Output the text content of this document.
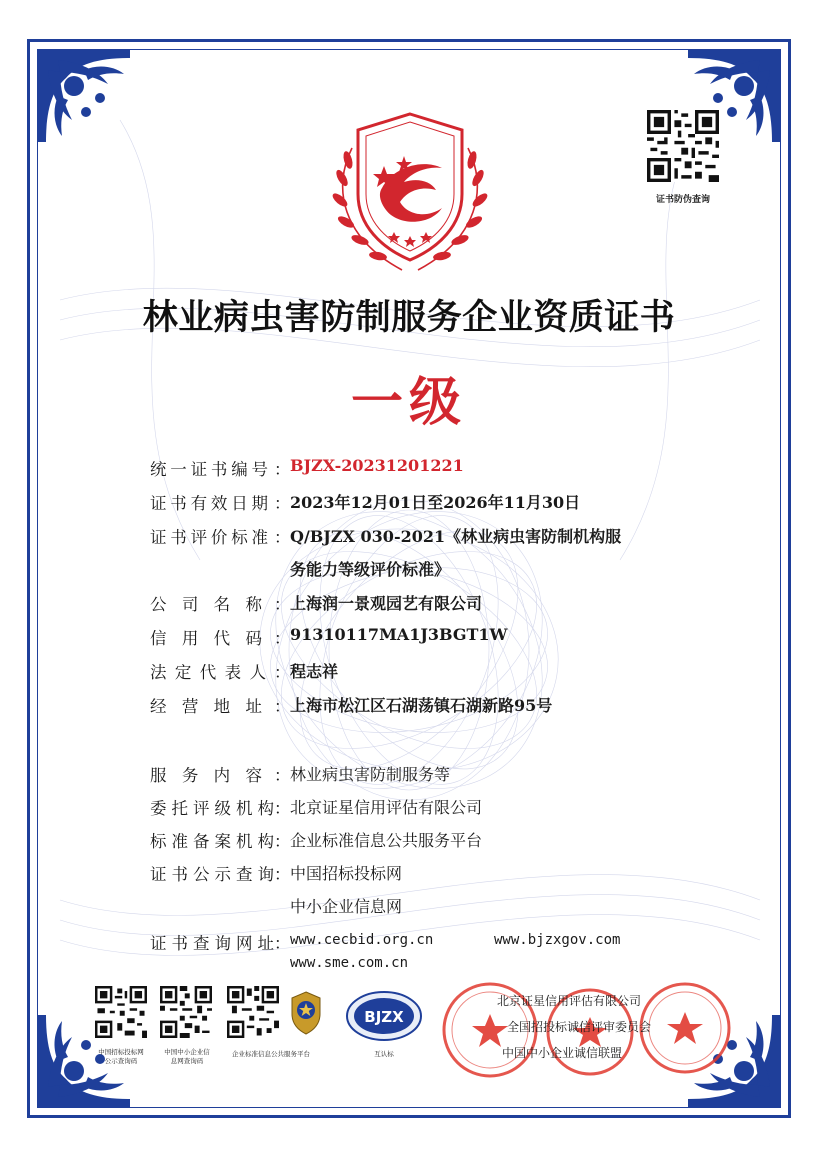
证书防伪查询
林业病虫害防制服务企业资质证书
一级
统一证书编号 ： BJZX-20231201221
证书有效日期 ： 2023年12月01日至2026年11月30日
证书评价标准 ： Q/BJZX 030-2021《林业病虫害防制机构服
务能力等级评价标准》
公司名称 ： 上海润一景观园艺有限公司
信用代码 ： 91310117MA1J3BGT1W
法定代表人 ： 程志祥
经营地址 ： 上海市松江区石湖荡镇石湖新路95号
服务内容 ： 林业病虫害防制服务等
委托评级机构 ： 北京证星信用评估有限公司
标准备案机构 ： 企业标准信息公共服务平台
证书公示查询 ： 中国招标投标网
中小企业信息网
证书查询网址 ： www.cecbid.org.cn	www.bjzxgov.com
www.sme.com.cn
中国招标投标网
公示查询码
中国中小企业信
息网查询码
企业标准信息公共服务平台
BJZX
互认标
北京证星信用评估有限公司
全国招投标诚信评审委员会
中国中小企业诚信联盟
